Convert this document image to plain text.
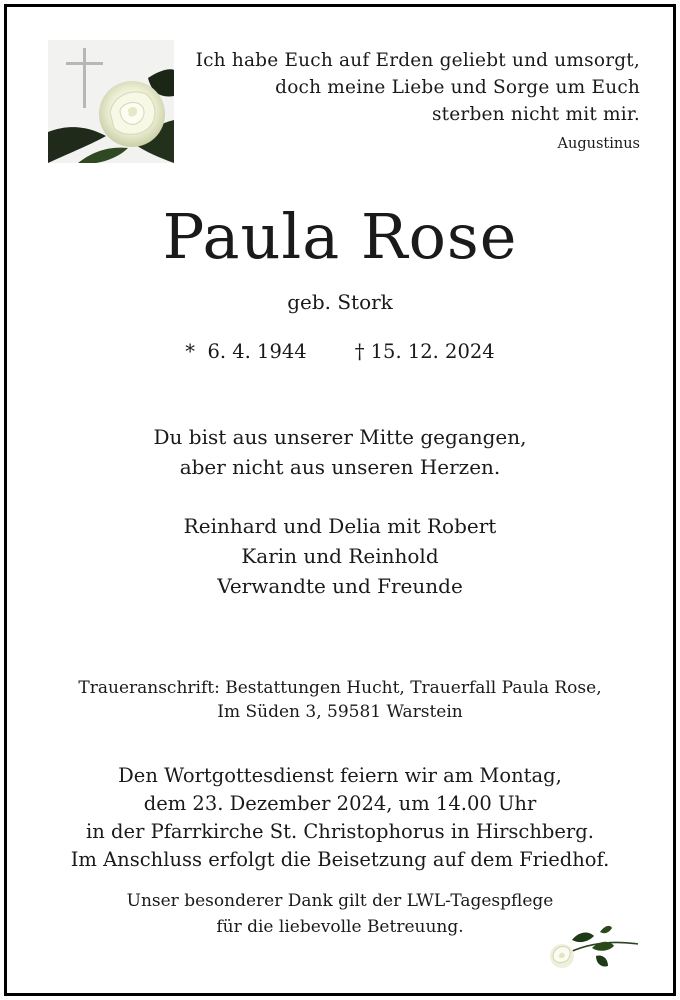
Ich habe Euch auf Erden geliebt und umsorgt,
doch meine Liebe und Sorge um Euch
sterben nicht mit mir.
Augustinus
Paula Rose
geb. Stork
*  6. 4. 1944 † 15. 12. 2024
Du bist aus unserer Mitte gegangen,
aber nicht aus unseren Herzen.
Reinhard und Delia mit Robert
Karin und Reinhold
Verwandte und Freunde
Traueranschrift: Bestattungen Hucht, Trauerfall Paula Rose,
Im Süden 3, 59581 Warstein
Den Wortgottesdienst feiern wir am Montag,
dem 23. Dezember 2024, um 14.00 Uhr
in der Pfarrkirche St. Christophorus in Hirschberg.
Im Anschluss erfolgt die Beisetzung auf dem Friedhof.
Unser besonderer Dank gilt der LWL-Tagespflege
für die liebevolle Betreuung.
